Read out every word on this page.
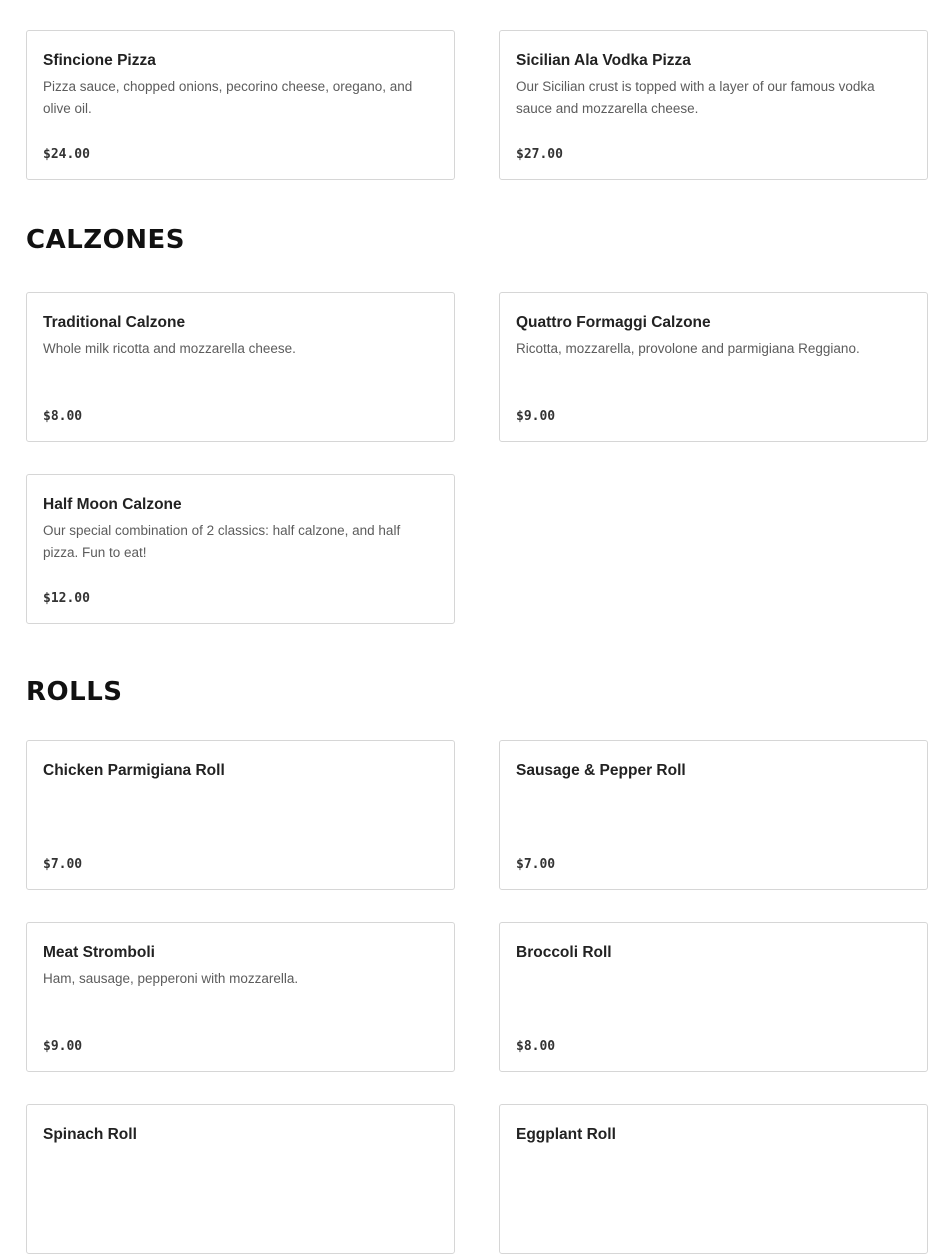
Sfincione Pizza
Pizza sauce, chopped onions, pecorino cheese, oregano, and olive oil.
$24.00
Sicilian Ala Vodka Pizza
Our Sicilian crust is topped with a layer of our famous vodka sauce and mozzarella cheese.
$27.00
CALZONES
Traditional Calzone
Whole milk ricotta and mozzarella cheese.
$8.00
Quattro Formaggi Calzone
Ricotta, mozzarella, provolone and parmigiana Reggiano.
$9.00
Half Moon Calzone
Our special combination of 2 classics: half calzone, and half pizza. Fun to eat!
$12.00
ROLLS
Chicken Parmigiana Roll
$7.00
Sausage & Pepper Roll
$7.00
Meat Stromboli
Ham, sausage, pepperoni with mozzarella.
$9.00
Broccoli Roll
$8.00
Spinach Roll	Eggplant Roll
